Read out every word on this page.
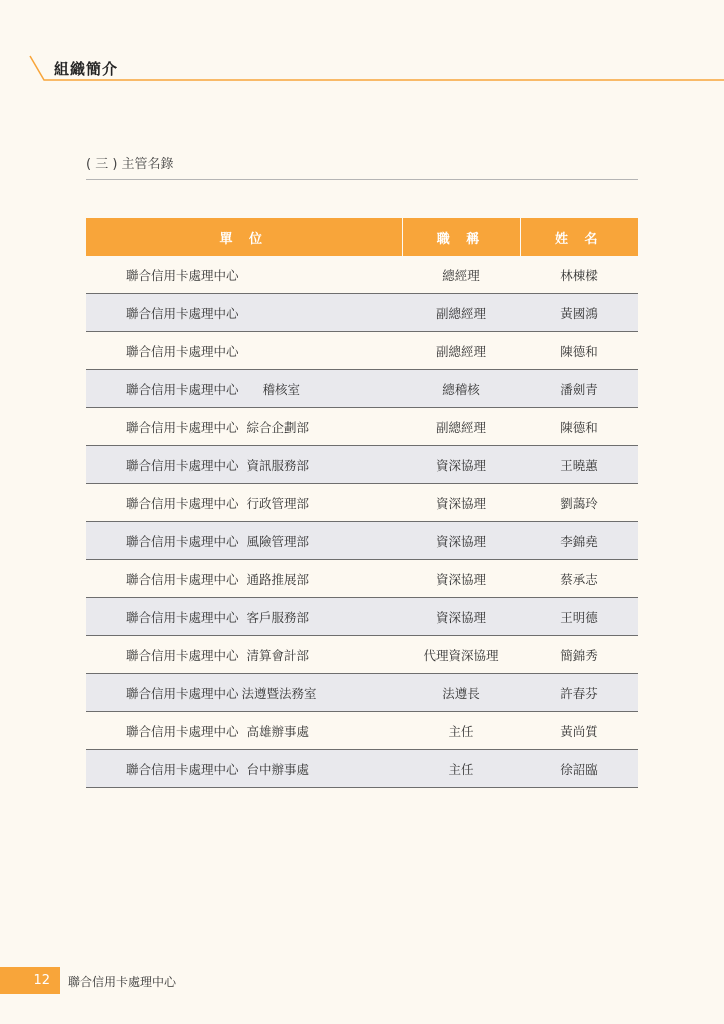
組織簡介
( 三 ) 主管名錄
單 位	職 稱	姓 名
聯合信用卡處理中心	總經理	林棟樑
聯合信用卡處理中心	副總經理	黃國鴻
聯合信用卡處理中心	副總經理	陳德和
聯合信用卡處理中心 稽核室	總稽核	潘劍青
聯合信用卡處理中心 綜合企劃部	副總經理	陳德和
聯合信用卡處理中心 資訊服務部	資深協理	王曉蕙
聯合信用卡處理中心 行政管理部	資深協理	劉藹玲
聯合信用卡處理中心 風險管理部	資深協理	李錦堯
聯合信用卡處理中心 通路推展部	資深協理	蔡承志
聯合信用卡處理中心 客戶服務部	資深協理	王明德
聯合信用卡處理中心 清算會計部	代理資深協理	簡錦秀
聯合信用卡處理中心 法遵暨法務室	法遵長	許春芬
聯合信用卡處理中心 高雄辦事處	主任	黃尚質
聯合信用卡處理中心 台中辦事處	主任	徐詔臨
12 聯合信用卡處理中心
